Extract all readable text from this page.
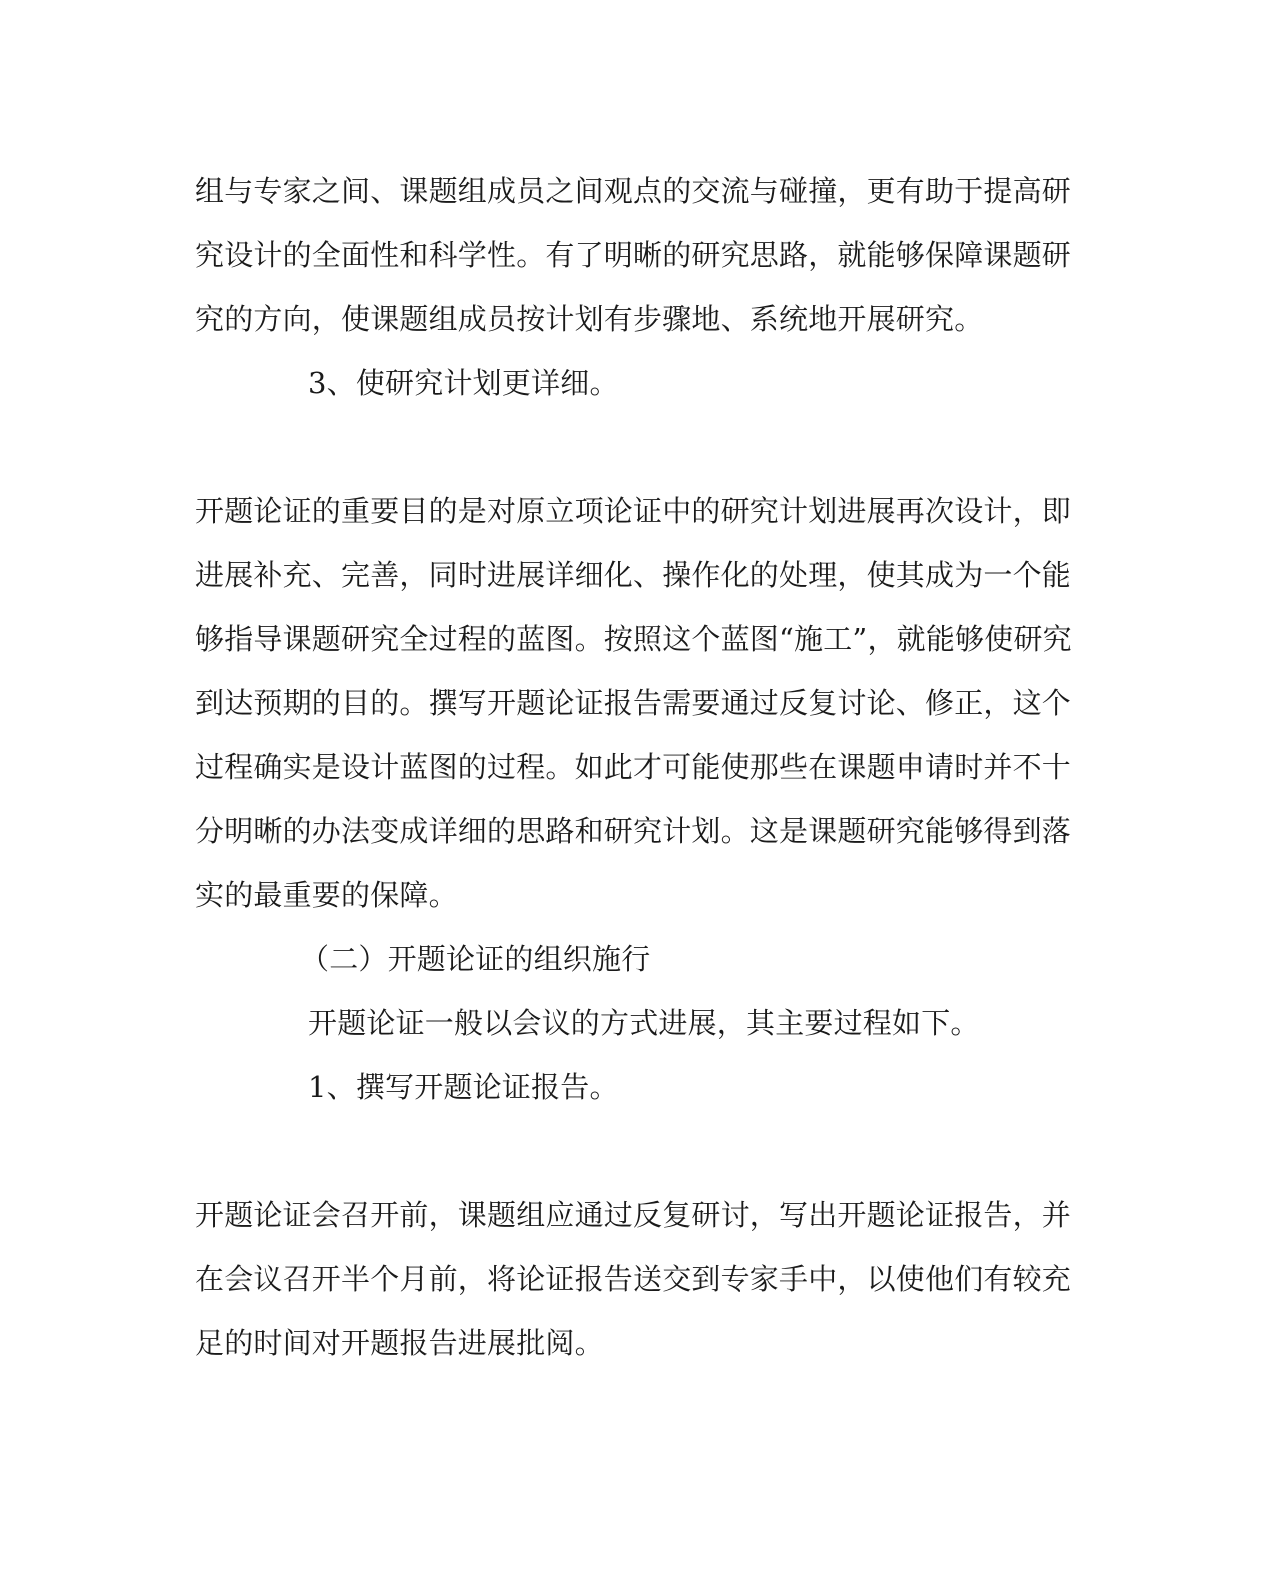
组与专家之间、课题组成员之间观点的交流与碰撞，更有助于提高研
究设计的全面性和科学性。有了明晰的研究思路，就能够保障课题研
究的方向，使课题组成员按计划有步骤地、系统地开展研究。
3、使研究计划更详细。
开题论证的重要目的是对原立项论证中的研究计划进展再次设计，即
进展补充、完善，同时进展详细化、操作化的处理，使其成为一个能
够指导课题研究全过程的蓝图。按照这个蓝图“施工”，就能够使研究
到达预期的目的。撰写开题论证报告需要通过反复讨论、修正，这个
过程确实是设计蓝图的过程。如此才可能使那些在课题申请时并不十
分明晰的办法变成详细的思路和研究计划。这是课题研究能够得到落
实的最重要的保障。
（二）开题论证的组织施行
开题论证一般以会议的方式进展，其主要过程如下。
1、撰写开题论证报告。
开题论证会召开前，课题组应通过反复研讨，写出开题论证报告，并
在会议召开半个月前，将论证报告送交到专家手中，以使他们有较充
足的时间对开题报告进展批阅。
